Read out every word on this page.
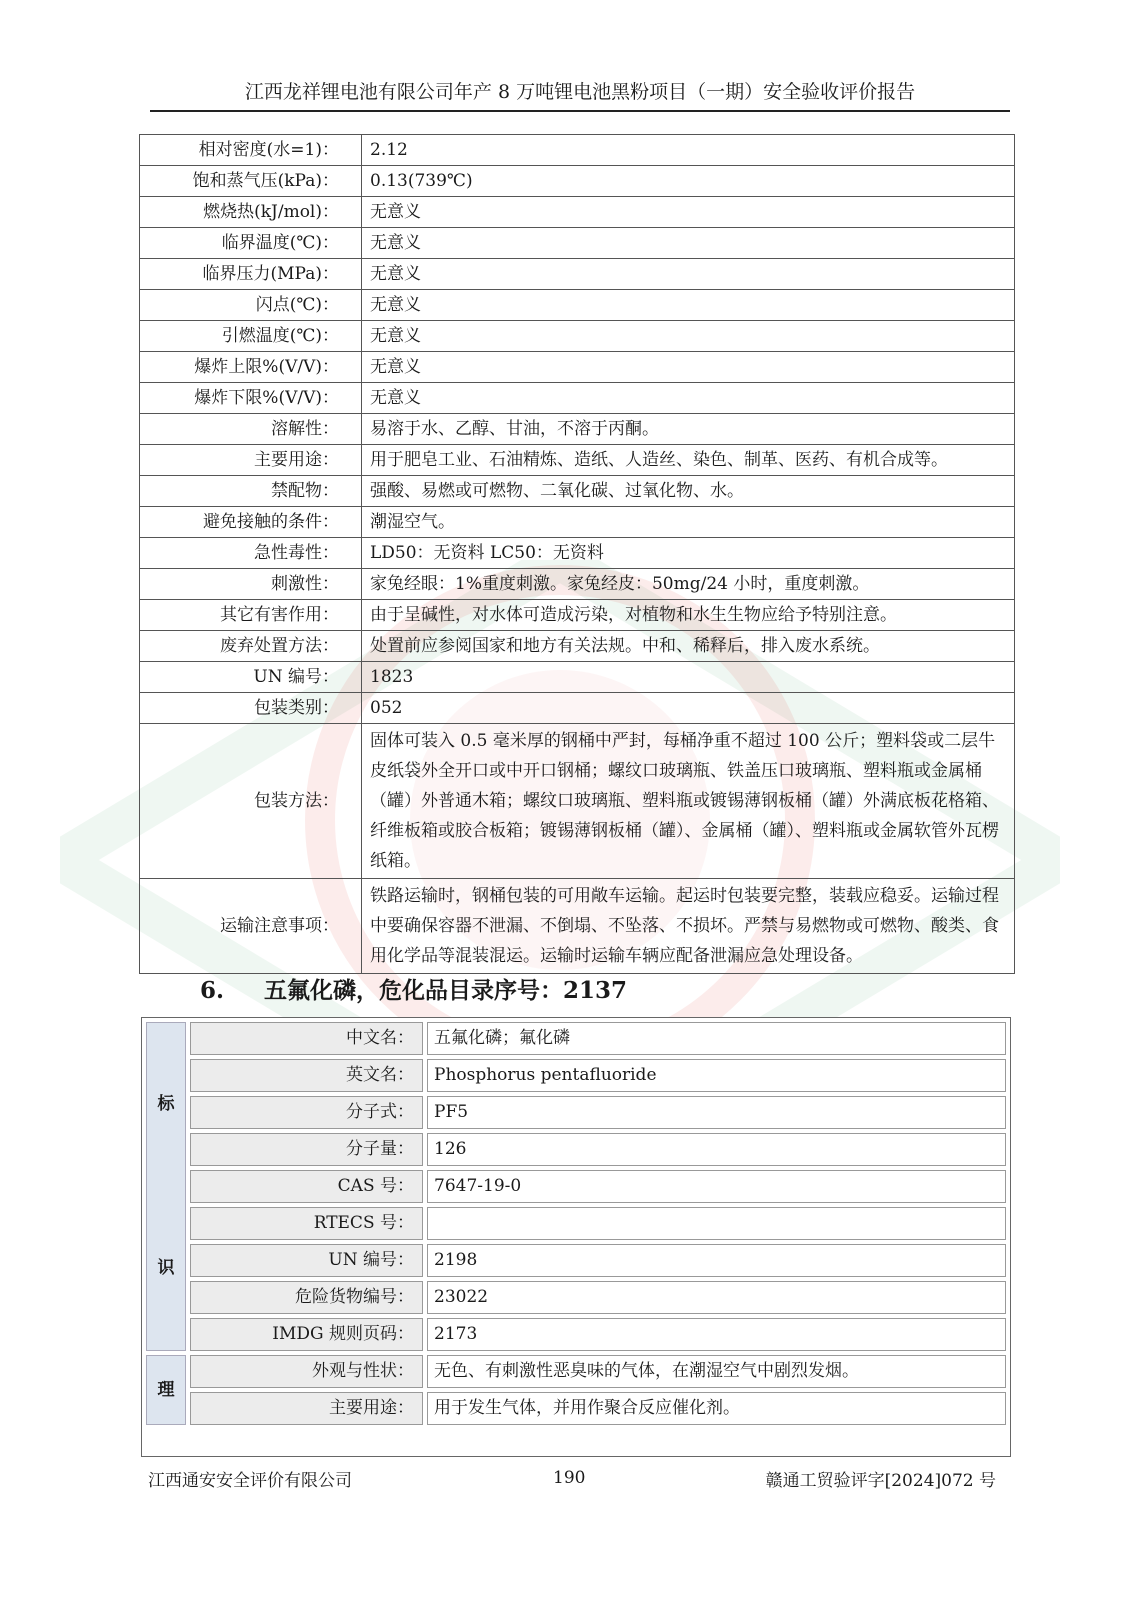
江西龙祥锂电池有限公司年产 8 万吨锂电池黑粉项目（一期）安全验收评价报告
相对密度(水=1)：	2.12
饱和蒸气压(kPa)：	0.13(739℃)
燃烧热(kJ/mol)：	无意义
临界温度(℃)：	无意义
临界压力(MPa)：	无意义
闪点(℃)：	无意义
引燃温度(℃)：	无意义
爆炸上限%(V/V)：	无意义
爆炸下限%(V/V)：	无意义
溶解性：	易溶于水、乙醇、甘油，不溶于丙酮。
主要用途：	用于肥皂工业、石油精炼、造纸、人造丝、染色、制革、医药、有机合成等。
禁配物：	强酸、易燃或可燃物、二氧化碳、过氧化物、水。
避免接触的条件：	潮湿空气。
急性毒性：	LD50：无资料 LC50：无资料
刺激性：	家兔经眼：1%重度刺激。家兔经皮：50mg/24 小时，重度刺激。
其它有害作用：	由于呈碱性，对水体可造成污染，对植物和水生生物应给予特别注意。
废弃处置方法：	处置前应参阅国家和地方有关法规。中和、稀释后，排入废水系统。
UN 编号：	1823
包装类别：	052
包装方法：	固体可装入 0.5 毫米厚的钢桶中严封，每桶净重不超过 100 公斤；塑料袋或二层牛皮纸袋外全开口或中开口钢桶；螺纹口玻璃瓶、铁盖压口玻璃瓶、塑料瓶或金属桶（罐）外普通木箱；螺纹口玻璃瓶、塑料瓶或镀锡薄钢板桶（罐）外满底板花格箱、纤维板箱或胶合板箱；镀锡薄钢板桶（罐）、金属桶（罐）、塑料瓶或金属软管外瓦楞纸箱。
运输注意事项：	铁路运输时，钢桶包装的可用敞车运输。起运时包装要完整，装载应稳妥。运输过程中要确保容器不泄漏、不倒塌、不坠落、不损坏。严禁与易燃物或可燃物、酸类、食用化学品等混装混运。运输时运输车辆应配备泄漏应急处理设备。
6. 五氟化磷，危化品目录序号：2137
标
识	中文名：	五氟化磷；氟化磷
	英文名：	Phosphorus pentafluoride
	分子式：	PF5
	分子量：	126
	CAS 号：	7647-19-0
	RTECS 号：	
	UN 编号：	2198
	危险货物编号：	23022
	IMDG 规则页码：	2173
理	外观与性状：	无色、有刺激性恶臭味的气体，在潮湿空气中剧烈发烟。
	主要用途：	用于发生气体，并用作聚合反应催化剂。
江西通安安全评价有限公司	190	赣通工贸验评字[2024]072 号
